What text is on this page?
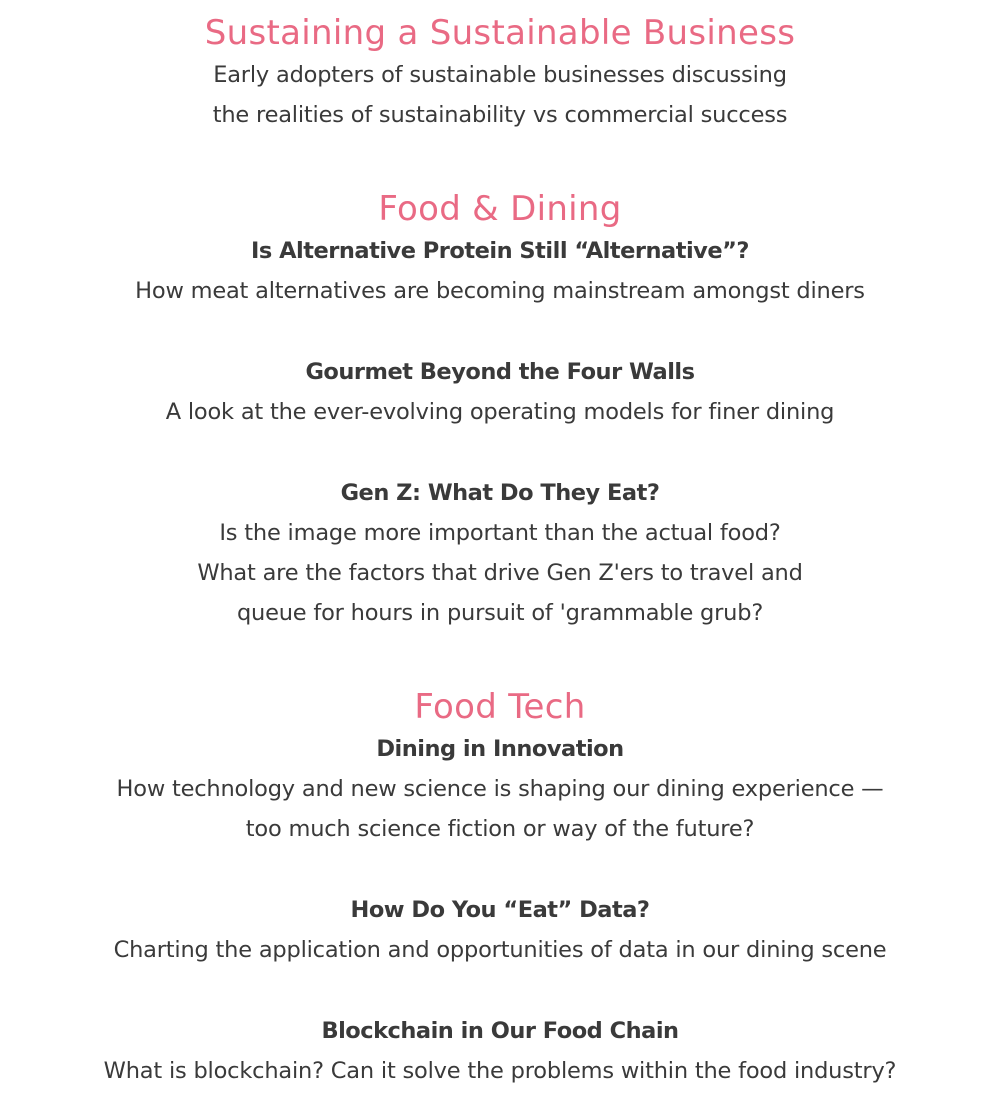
Sustaining a Sustainable Business

Early adopters of sustainable businesses discussing

the realities of sustainability vs commercial success

Food & Dining

Is Alternative Protein Still “Alternative”?

How meat alternatives are becoming mainstream amongst diners

Gourmet Beyond the Four Walls

A look at the ever-evolving operating models for finer dining

Gen Z: What Do They Eat?

Is the image more important than the actual food?

What are the factors that drive Gen Z'ers to travel and

queue for hours in pursuit of 'grammable grub?

Food Tech

Dining in Innovation

How technology and new science is shaping our dining experience —

too much science fiction or way of the future?

How Do You “Eat” Data?

Charting the application and opportunities of data in our dining scene

Blockchain in Our Food Chain

What is blockchain? Can it solve the problems within the food industry?
